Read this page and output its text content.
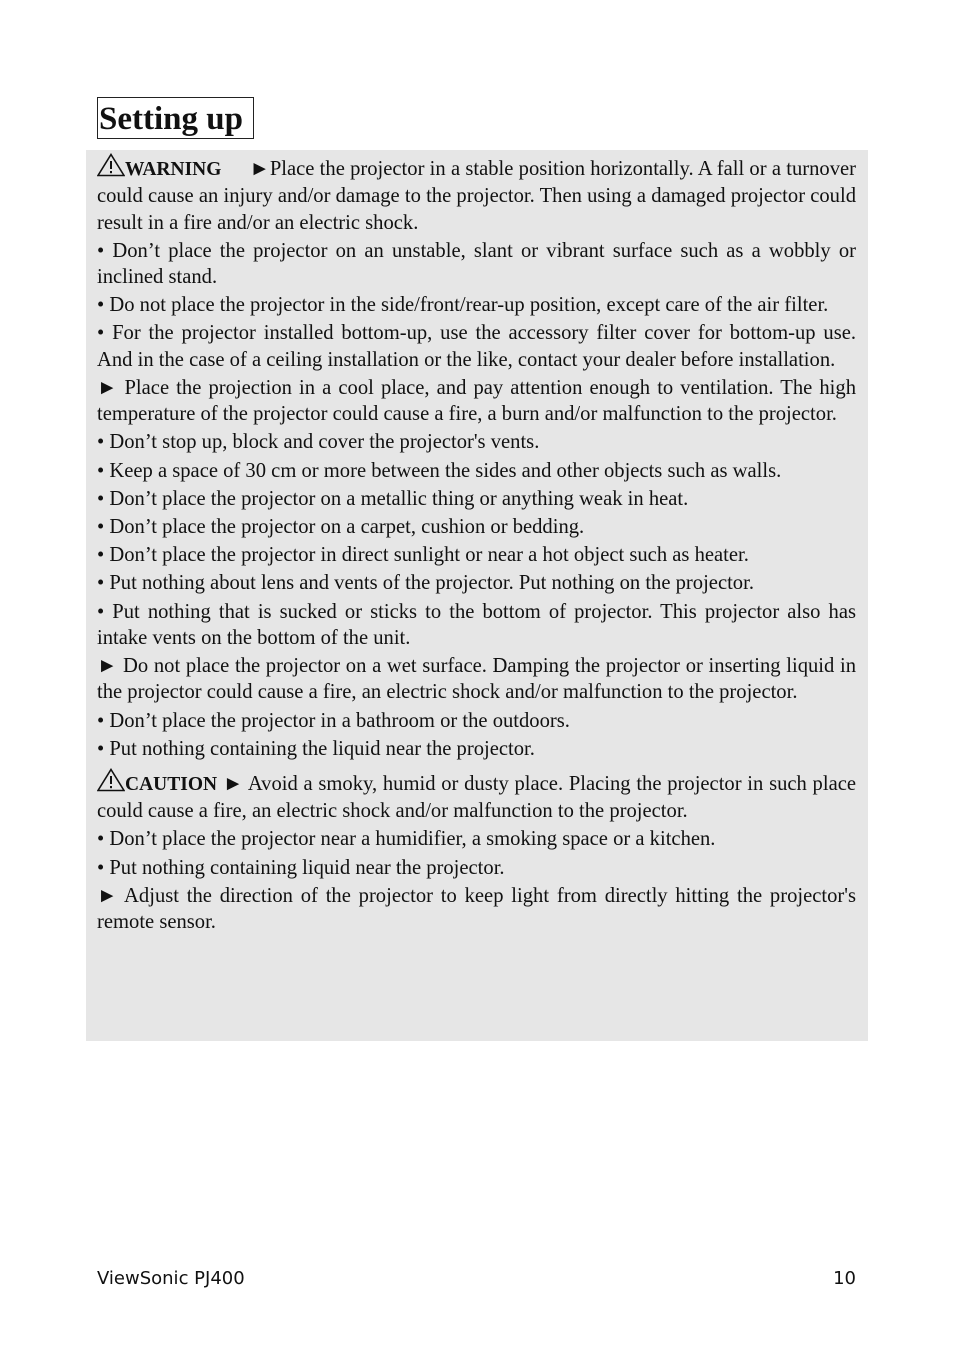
Setting up

WARNING ►Place the projector in a stable position horizontally. A fall or a turnover could cause an injury and/or damage to the projector. Then using a damaged projector could result in a fire and/or an electric shock.

• Don’t place the projector on an unstable, slant or vibrant surface such as a wobbly or inclined stand.

• Do not place the projector in the side/front/rear-up position, except care of the air filter.

• For the projector installed bottom-up, use the accessory filter cover for bottom-up use. And in the case of a ceiling installation or the like, contact your dealer before installation.

► Place the projection in a cool place, and pay attention enough to ventilation. The high temperature of the projector could cause a fire, a burn and/or malfunction to the projector.

• Don’t stop up, block and cover the projector's vents.

• Keep a space of 30 cm or more between the sides and other objects such as walls.

• Don’t place the projector on a metallic thing or anything weak in heat.

• Don’t place the projector on a carpet, cushion or bedding.

• Don’t place the projector in direct sunlight or near a hot object such as heater.

• Put nothing about lens and vents of the projector. Put nothing on the projector.

• Put nothing that is sucked or sticks to the bottom of projector. This projector also has intake vents on the bottom of the unit.

► Do not place the projector on a wet surface. Damping the projector or inserting liquid in the projector could cause a fire, an electric shock and/or malfunction to the projector.

• Don’t place the projector in a bathroom or the outdoors.

• Put nothing containing the liquid near the projector.

CAUTION ► Avoid a smoky, humid or dusty place. Placing the projector in such place could cause a fire, an electric shock and/or malfunction to the projector.

• Don’t place the projector near a humidifier, a smoking space or a kitchen.

• Put nothing containing liquid near the projector.

► Adjust the direction of the projector to keep light from directly hitting the projector's remote sensor.

ViewSonic PJ400	10
